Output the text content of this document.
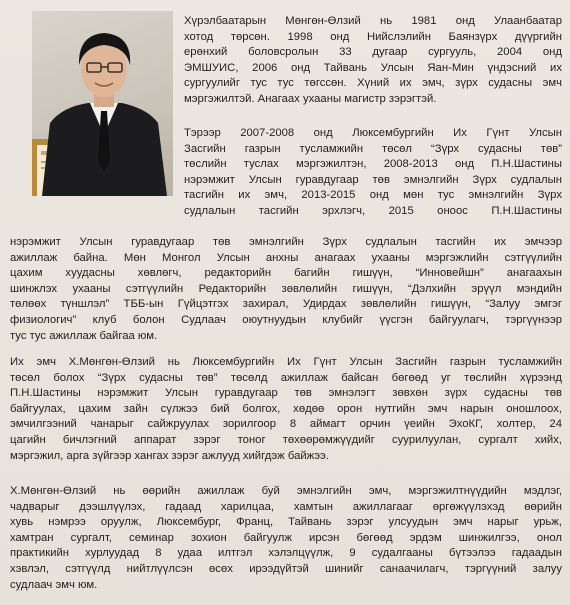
Хүрэлбаатарын Мөнгөн-Өлзий нь 1981 онд Улаанбаатар
хотод төрсөн. 1998 онд Нийслэлийн Баянзүрх дүүргийн
ерөнхий боловсролын 33 дугаар сургууль, 2004 онд
ЭМШУИС, 2006 онд Тайвань Улсын Яан-Мин үндэсний их
сургуулийг тус тус төгссөн. Хүний их эмч, зүрх судасны эмч
мэргэжилтэй. Анагаах ухааны магистр зэрэгтэй.

Тэрээр 2007-2008 онд Люксембургийн Их Гүнт Улсын
Засгийн газрын тусламжийн төсөл “Зүрх судасны төв”
төслийн туслах мэргэжилтэн, 2008-2013 онд П.Н.Шастины
нэрэмжит Улсын гуравдугаар төв эмнэлгийн Зүрх судлалын
тасгийн их эмч, 2013-2015 онд мөн тус эмнэлгийн Зүрх
судлалын тасгийн эрхлэгч, 2015 оноос П.Н.Шастины

нэрэмжит Улсын гуравдугаар төв эмнэлгийн Зүрх судлалын тасгийн их эмчээр
ажиллаж байна. Мөн Монгол Улсын анхны анагаах ухааны мэргэжлийн сэтгүүлийн
цахим хуудасны хөвлөгч, редакторийн багийн гишүүн, “Инновейшн” анагаахын
шинжлэх ухааны сэтгүүлийн Редакторийн зөвлөлийн гишүүн, “Дэлхийн эрүүл мэндийн
төлөөх түншлэл” ТББ-ын Гүйцэтгэх захирал, Удирдах зөвлөлийн гишүүн, “Залуу эмгэг
физиологич” клуб болон Судлаач оюутнуудын клубийг үүсгэн байгуулагч, тэргүүнээр
тус тус ажиллаж байгаа юм.

Их эмч Х.Мөнгөн-Өлзий нь Люксембургийн Их Гүнт Улсын Засгийн газрын тусламжийн
төсөл болох “Зүрх судасны төв” төсөлд ажиллаж байсан бөгөөд уг төслийн хүрээнд
П.Н.Шастины нэрэмжит Улсын гуравдугаар төв эмнэлэгт зөвхөн зүрх судасны төв
байгуулах, цахим зайн сүлжээ бий болгох, хөдөө орон нутгийн эмч нарын оношлоох,
эмчилгээний чанарыг сайжруулах зорилгоор 8 аймагт орчин үеийн ЭхоКГ, холтер, 24
цагийн бичлэгний аппарат зэрэг тоног төхөөрөмжүүдийг суурилуулан, сургалт хийх,
мэргэжил, арга зүйгээр хангах зэрэг ажлууд хийгдэж байжээ.

Х.Мөнгөн-Өлзий нь өөрийн ажиллаж буй эмнэлгийн эмч, мэргэжилтнүүдийн мэдлэг,
чадварыг дээшлүүлэх, гадаад харилцаа, хамтын ажиллагааг өргөжүүлэхэд өөрийн
хувь нэмрээ оруулж, Люксембург, Франц, Тайвань зэрэг улсуудын эмч нарыг урьж,
хамтран сургалт, семинар зохион байгуулж ирсэн бөгөөд эрдэм шинжилгээ, онол
практикийн хурлуудад 8 удаа илтгэл хэлэлцүүлж, 9 судалгааны бүтээлээ гадаадын
хэвлэл, сэтгүүлд нийтлүүлсэн өсөх ирээдүйтэй шинийг санаачилагч, тэргүүний залуу
судлаач эмч юм.
